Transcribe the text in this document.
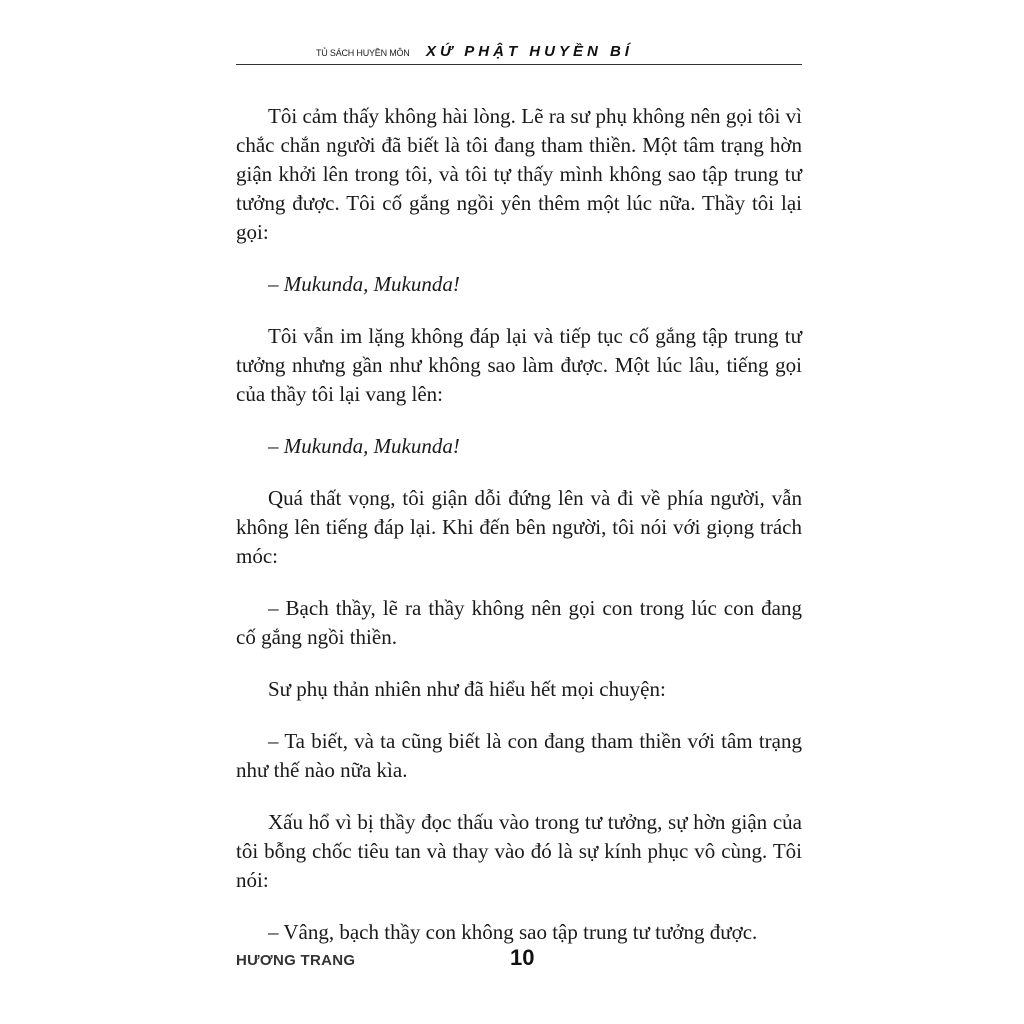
TỦ SÁCH HUYỀN MÔN XỨ PHẬT HUYỀN BÍ

Tôi cảm thấy không hài lòng. Lẽ ra sư phụ không nên gọi tôi vì chắc chắn người đã biết là tôi đang tham thiền. Một tâm trạng hờn giận khởi lên trong tôi, và tôi tự thấy mình không sao tập trung tư tưởng được. Tôi cố gắng ngồi yên thêm một lúc nữa. Thầy tôi lại gọi:

– Mukunda, Mukunda!

Tôi vẫn im lặng không đáp lại và tiếp tục cố gắng tập trung tư tưởng nhưng gần như không sao làm được. Một lúc lâu, tiếng gọi của thầy tôi lại vang lên:

– Mukunda, Mukunda!

Quá thất vọng, tôi giận dỗi đứng lên và đi về phía người, vẫn không lên tiếng đáp lại. Khi đến bên người, tôi nói với giọng trách móc:

– Bạch thầy, lẽ ra thầy không nên gọi con trong lúc con đang cố gắng ngồi thiền.

Sư phụ thản nhiên như đã hiểu hết mọi chuyện:

– Ta biết, và ta cũng biết là con đang tham thiền với tâm trạng như thế nào nữa kìa.

Xấu hổ vì bị thầy đọc thấu vào trong tư tưởng, sự hờn giận của tôi bỗng chốc tiêu tan và thay vào đó là sự kính phục vô cùng. Tôi nói:

– Vâng, bạch thầy con không sao tập trung tư tưởng được.

HƯƠNG TRANG	10
